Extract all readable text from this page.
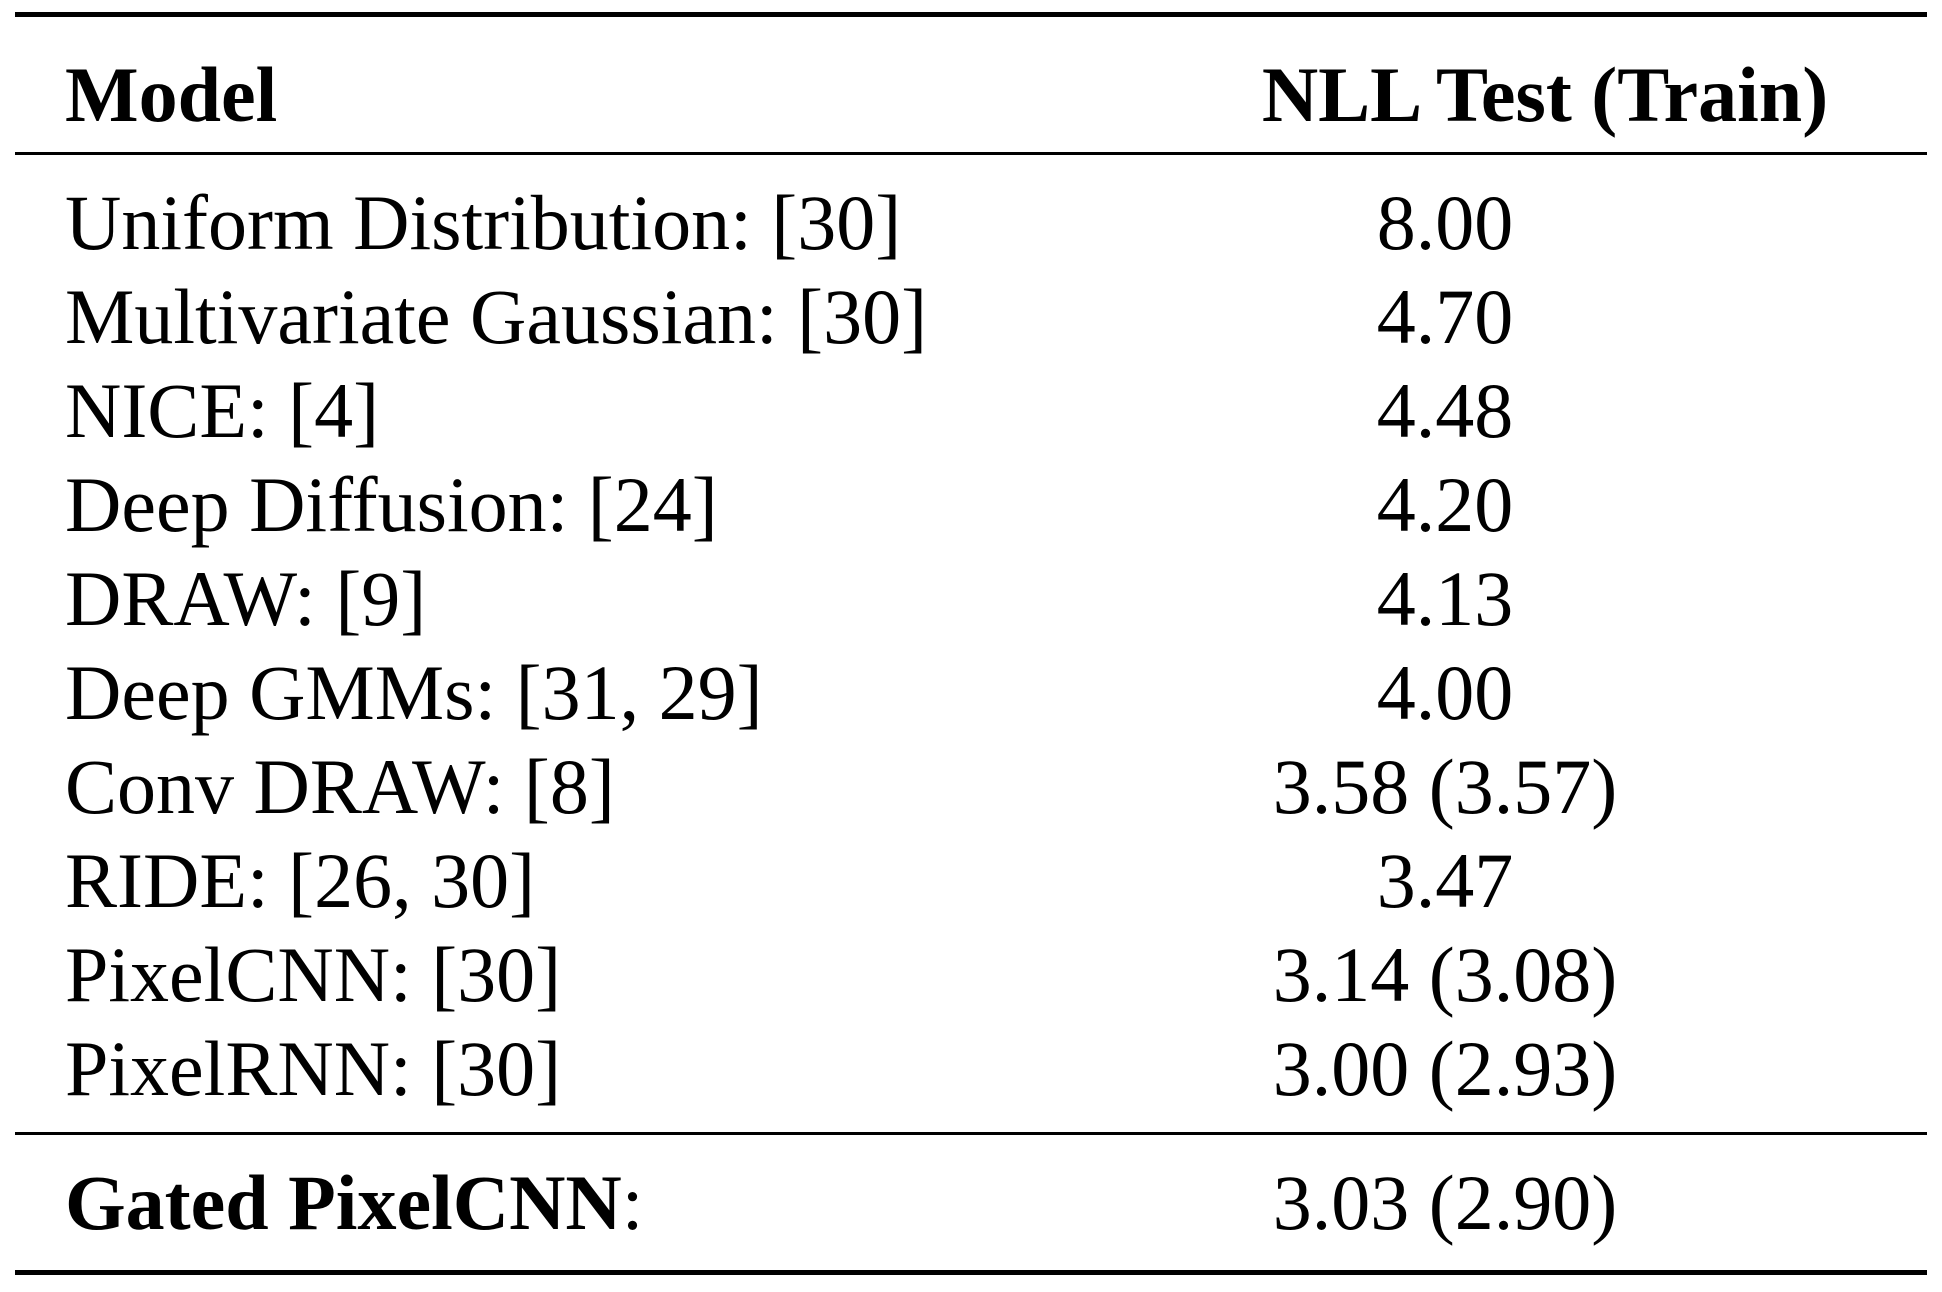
Model	NLL Test (Train)
Uniform Distribution: [30]	8.00
Multivariate Gaussian: [30]	4.70
NICE: [4]	4.48
Deep Diffusion: [24]	4.20
DRAW: [9]	4.13
Deep GMMs: [31, 29]	4.00
Conv DRAW: [8]	3.58 (3.57)
RIDE: [26, 30]	3.47
PixelCNN: [30]	3.14 (3.08)
PixelRNN: [30]	3.00 (2.93)
Gated PixelCNN:	3.03 (2.90)
